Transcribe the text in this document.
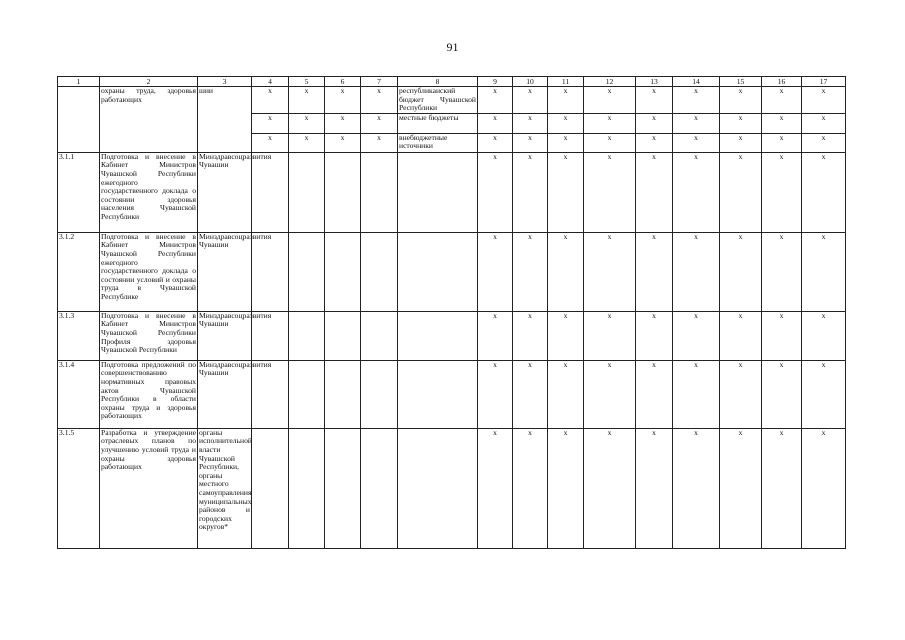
91
1	2	3	4	5	6	7	8	9	10	11	12	13	14	15	16	17
	охраны труда, здоровья работающих	шии	x	x	x	x	республиканский бюджет Чувашской Республики	x	x	x	x	x	x	x	x	x
			x	x	x	x	местные бюджеты	x	x	x	x	x	x	x	x	x
			x	x	x	x	внебюджетные источники	x	x	x	x	x	x	x	x	x
3.1.1	Подготовка и внесение в Кабинет Министров Чувашской Республики ежегодного государственного доклада о состоянии здоровья населения Чувашской Республики	Минздравсоцразвития Чувашии						x	x	x	x	x	x	x	x	x
3.1.2	Подготовка и внесение в Кабинет Министров Чувашской Республики ежегодного государственного доклада о состоянии условий и охраны труда в Чувашской Республике	Минздравсоцразвития Чувашии						x	x	x	x	x	x	x	x	x
3.1.3	Подготовка и внесение в Кабинет Министров Чувашской Республики Профиля здоровья Чувашской Республики	Минздравсоцразвития Чувашии						x	x	x	x	x	x	x	x	x
3.1.4	Подготовка предложений по совершенствованию нормативных правовых актов Чувашской Республики в области охраны труда и здоровья работающих	Минздравсоцразвития Чувашии						x	x	x	x	x	x	x	x	x
3.1.5	Разработка и утверждение отраслевых планов по улучшению условий труда и охраны здоровья работающих	органы исполнительной власти Чувашской Республики, органы местного самоуправления муниципальных районов и городских округов*						x	x	x	x	x	x	x	x	x
